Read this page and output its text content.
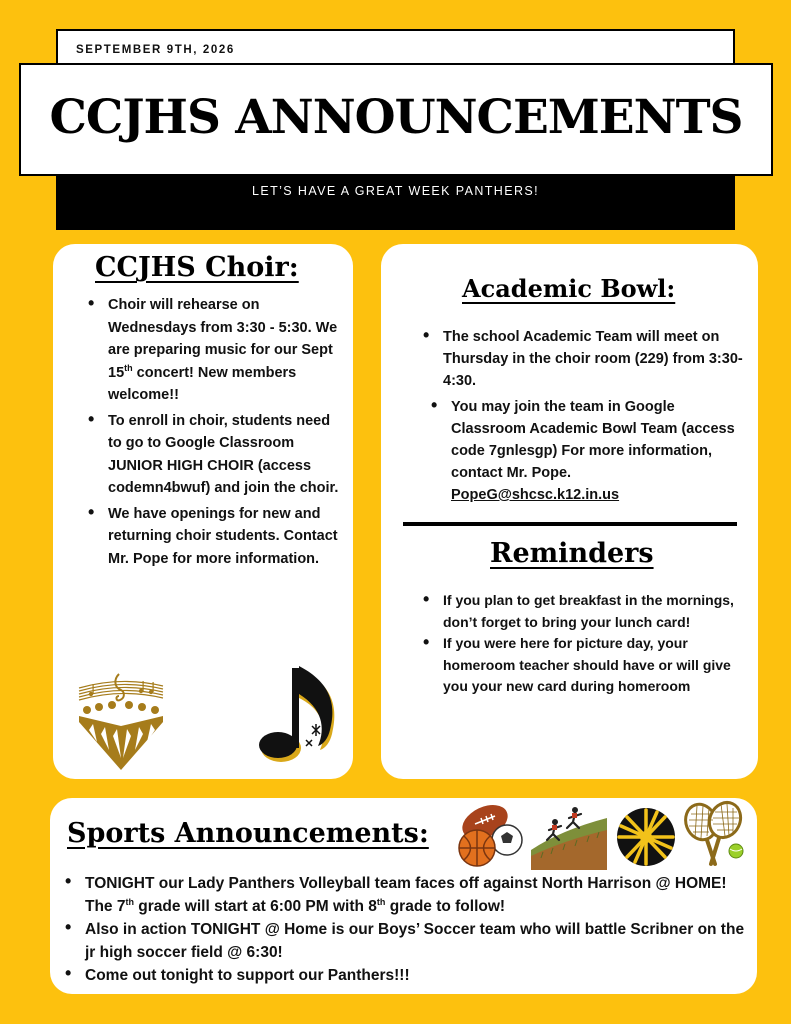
SEPTEMBER 9TH, 2026
CCJHS ANNOUNCEMENTS
LET’S HAVE A GREAT WEEK PANTHERS!
CCJHS Choir:
• Choir will rehearse on Wednesdays from 3:30 - 5:30. We are preparing music for our Sept 15th concert! New members welcome!!
• To enroll in choir, students need to go to Google Classroom JUNIOR HIGH CHOIR (access codemn4bwuf) and join the choir.
• We have openings for new and returning choir students. Contact Mr. Pope for more information.
Academic Bowl:
• The school Academic Team will meet on Thursday in the choir room (229) from 3:30-4:30.
• You may join the team in Google Classroom Academic Bowl Team (access code 7gnlesgp) For more information, contact Mr. Pope. PopeG@shcsc.k12.in.us
Reminders
• If you plan to get breakfast in the mornings, don’t forget to bring your lunch card!
• If you were here for picture day, your homeroom teacher should have or will give you your new card during homeroom
Sports Announcements:
• TONIGHT our Lady Panthers Volleyball team faces off against North Harrison @ HOME! The 7th grade will start at 6:00 PM with 8th grade to follow!
• Also in action TONIGHT @ Home is our Boys’ Soccer team who will battle Scribner on the jr high soccer field @ 6:30!
• Come out tonight to support our Panthers!!!
